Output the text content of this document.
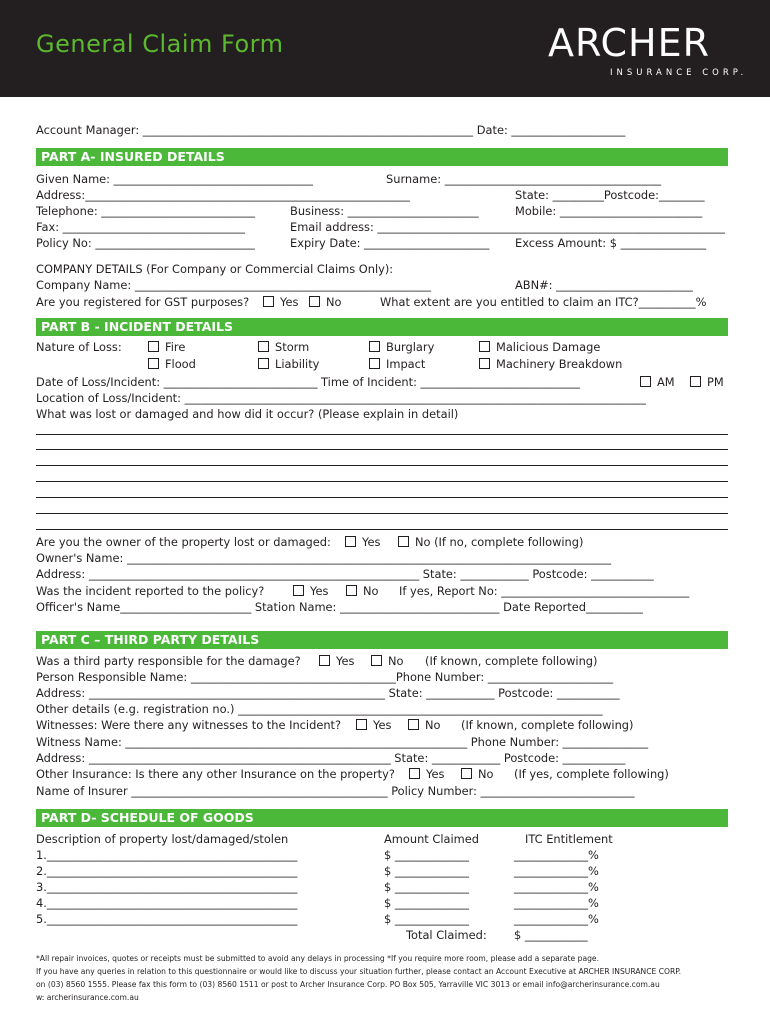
General Claim Form	ARCHER
INSURANCE CORP.
Account Manager: __________________________________________________________ Date: ____________________
PART A- INSURED DETAILS
Given Name: ___________________________________	Surname: ______________________________________
Address:_________________________________________________________	State: _________Postcode:________
Telephone: ___________________________	Business: _______________________	Mobile: _________________________
Fax: ________________________________	Email address: _____________________________________________________________
Policy No: ____________________________	Expiry Date: ______________________ Excess Amount: $ _______________
COMPANY DETAILS (For Company or Commercial Claims Only):
Company Name: ____________________________________________________	ABN#: ________________________
Are you registered for GST purposes?	Yes	No	What extent are you entitled to claim an ITC?__________%
PART B - INCIDENT DETAILS
Nature of Loss:	Fire	Storm	Burglary	Malicious Damage
Flood	Liability	Impact	Machinery Breakdown
Date of Loss/Incident: ___________________________ Time of Incident: ____________________________	AM	PM
Location of Loss/Incident: _________________________________________________________________________________
What was lost or damaged and how did it occur? (Please explain in detail)
Are you the owner of the property lost or damaged:	Yes	No (If no, complete following)
Owner's Name: _____________________________________________________________________________________
Address: __________________________________________________________ State: ____________ Postcode: ___________
Was the incident reported to the policy?	Yes	No If yes, Report No: _________________________________
Officer's Name_______________________ Station Name: ____________________________ Date Reported__________
PART C – THIRD PARTY DETAILS
Was a third party responsible for the damage?	Yes	No (If known, complete following)
Person Responsible Name: ____________________________________Phone Number: ______________________
Address: ____________________________________________________ State: ____________ Postcode: ___________
Other details (e.g. registration no.) ________________________________________________________________
Witnesses: Were there any witnesses to the Incident?	Yes	No (If known, complete following)
Witness Name: ____________________________________________________________ Phone Number: _______________
Address: _____________________________________________________ State: ____________ Postcode: ___________
Other Insurance: Is there any other Insurance on the property?	Yes	No (If yes, complete following)
Name of Insurer _____________________________________________ Policy Number: ___________________________
PART D- SCHEDULE OF GOODS
Description of property lost/damaged/stolen	Amount Claimed	ITC Entitlement
1.____________________________________________	$ _____________	_____________%
2.____________________________________________	$ _____________	_____________%
3.____________________________________________	$ _____________	_____________%
4.____________________________________________	$ _____________	_____________%
5.____________________________________________	$ _____________	_____________%
Total Claimed: $ ___________
*All repair invoices, quotes or receipts must be submitted to avoid any delays in processing *If you require more room, please add a separate page.
If you have any queries in relation to this questionnaire or would like to discuss your situation further, please contact an Account Executive at ARCHER INSURANCE CORP.
on (03) 8560 1555. Please fax this form to (03) 8560 1511 or post to Archer Insurance Corp. PO Box 505, Yarraville VIC 3013 or email info@archerinsurance.com.au
w: archerinsurance.com.au
